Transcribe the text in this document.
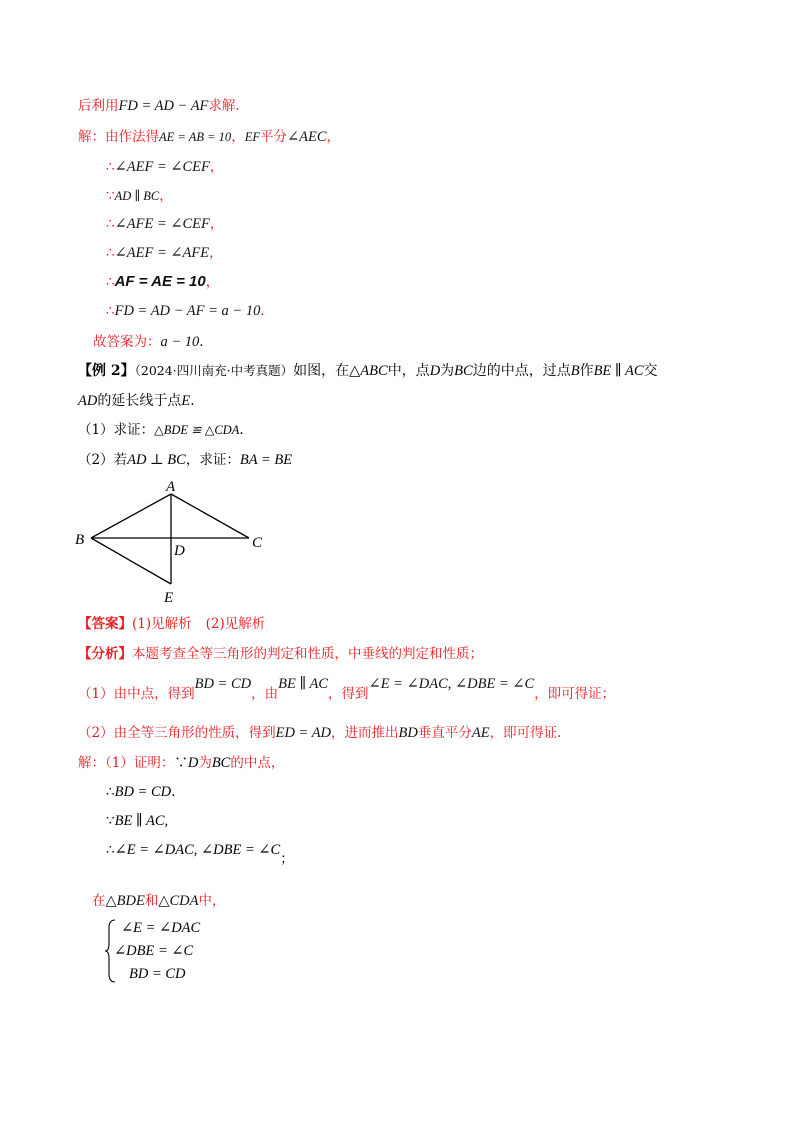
后利用FD = AD − AF求解.
解：由作法得AE = AB = 10，EF平分∠AEC，
∴∠AEF = ∠CEF，
∵AD ∥ BC，
∴∠AFE = ∠CEF，
∴∠AEF = ∠AFE，
∴AF = AE = 10，
∴FD = AD − AF = a − 10.
故答案为：a − 10.
【例 2】（2024·四川南充·中考真题）如图，在△ABC中，点D为BC边的中点，过点B作BE ∥ AC交
AD的延长线于点E.
（1）求证：△BDE ≌ △CDA.
（2）若AD ⊥ BC，求证：BA = BE
A
B	C
D
E
【答案】(1)见解析 (2)见解析
【分析】本题考查全等三角形的判定和性质，中垂线的判定和性质；
（1）由中点，得到BD = CD，由BE ∥ AC，得到∠E = ∠DAC, ∠DBE = ∠C，即可得证；
（2）由全等三角形的性质，得到ED = AD，进而推出BD垂直平分AE，即可得证.
解：（1）证明：∵D为BC的中点，
∴BD = CD.
∵BE ∥ AC,
∴∠E = ∠DAC, ∠DBE = ∠C；
在△BDE和△CDA中，
∠E = ∠DAC
∠DBE = ∠C
BD = CD
